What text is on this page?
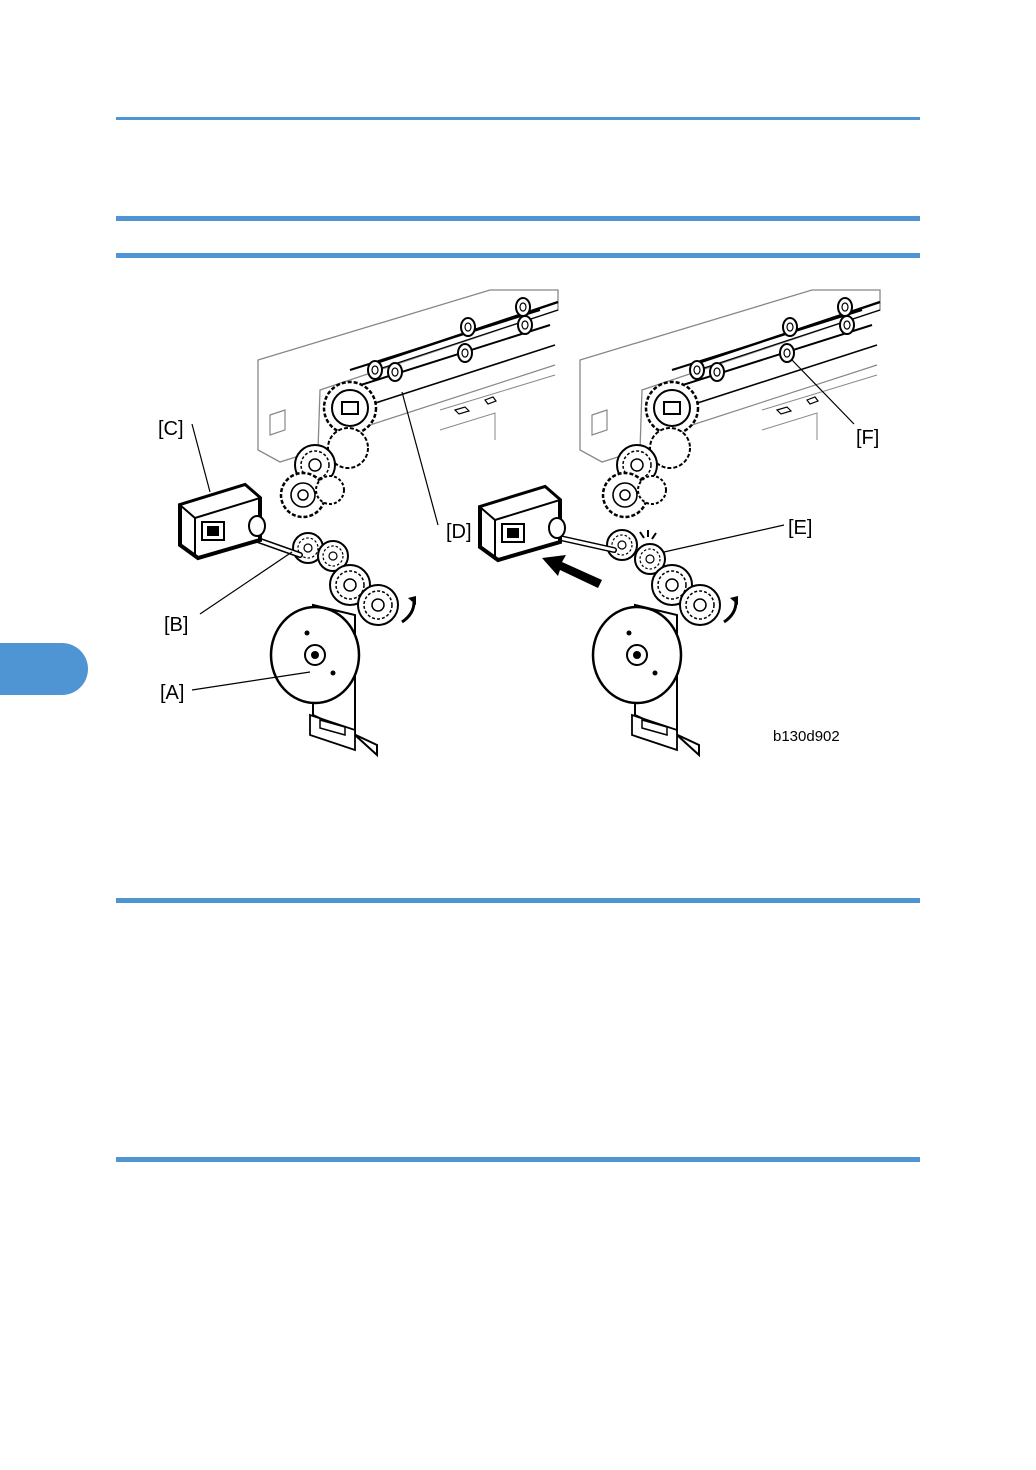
[C]
[B]
[A]
[D]	[E]
[F]
b130d902
